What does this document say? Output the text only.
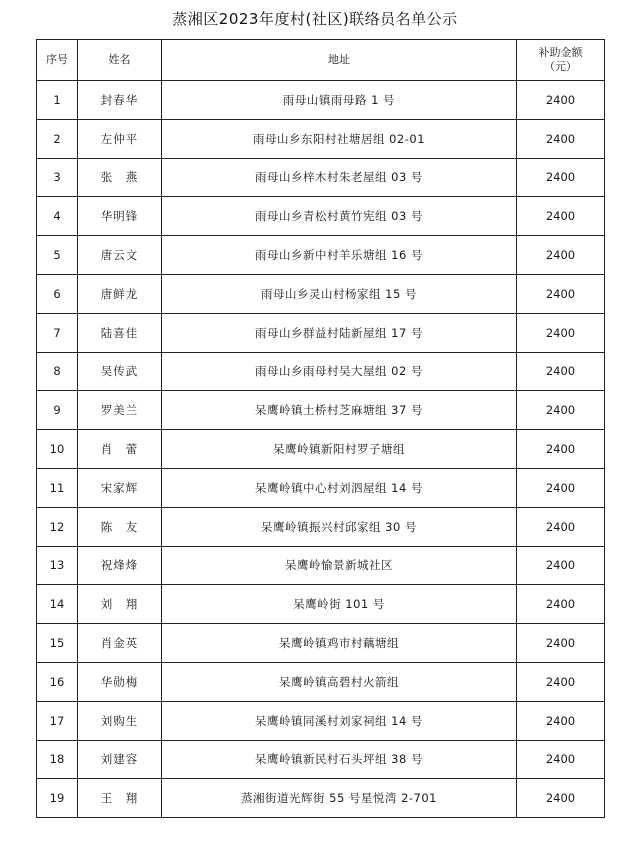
蒸湘区2023年度村(社区)联络员名单公示
序号	姓名	地址	补助金额
（元）

1	封春华	雨母山镇雨母路 1 号	2400
2	左仲平	雨母山乡东阳村社塘居组 02-01	2400
3	张　燕	雨母山乡梓木村朱老屋组 03 号	2400
4	华明锋	雨母山乡青松村黄竹宪组 03 号	2400
5	唐云文	雨母山乡新中村羊乐塘组 16 号	2400
6	唐鲜龙	雨母山乡灵山村杨家组 15 号	2400
7	陆喜佳	雨母山乡群益村陆新屋组 17 号	2400
8	吴传武	雨母山乡雨母村吴大屋组 02 号	2400
9	罗美兰	呆鹰岭镇土桥村芝麻塘组 37 号	2400
10	肖　蕾	呆鹰岭镇新阳村罗子塘组	2400
11	宋家辉	呆鹰岭镇中心村刘泗屋组 14 号	2400
12	陈　友	呆鹰岭镇振兴村邱家组 30 号	2400
13	祝烽烽	呆鹰岭愉景新城社区	2400
14	刘　翔	呆鹰岭街 101 号	2400
15	肖金英	呆鹰岭镇鸡市村藕塘组	2400
16	华勋梅	呆鹰岭镇高碧村火箭组	2400
17	刘购生	呆鹰岭镇同溪村刘家祠组 14 号	2400
18	刘建容	呆鹰岭镇新民村石头坪组 38 号	2400
19	王　翔	蒸湘街道光辉街 55 号星悦湾 2-701	2400
